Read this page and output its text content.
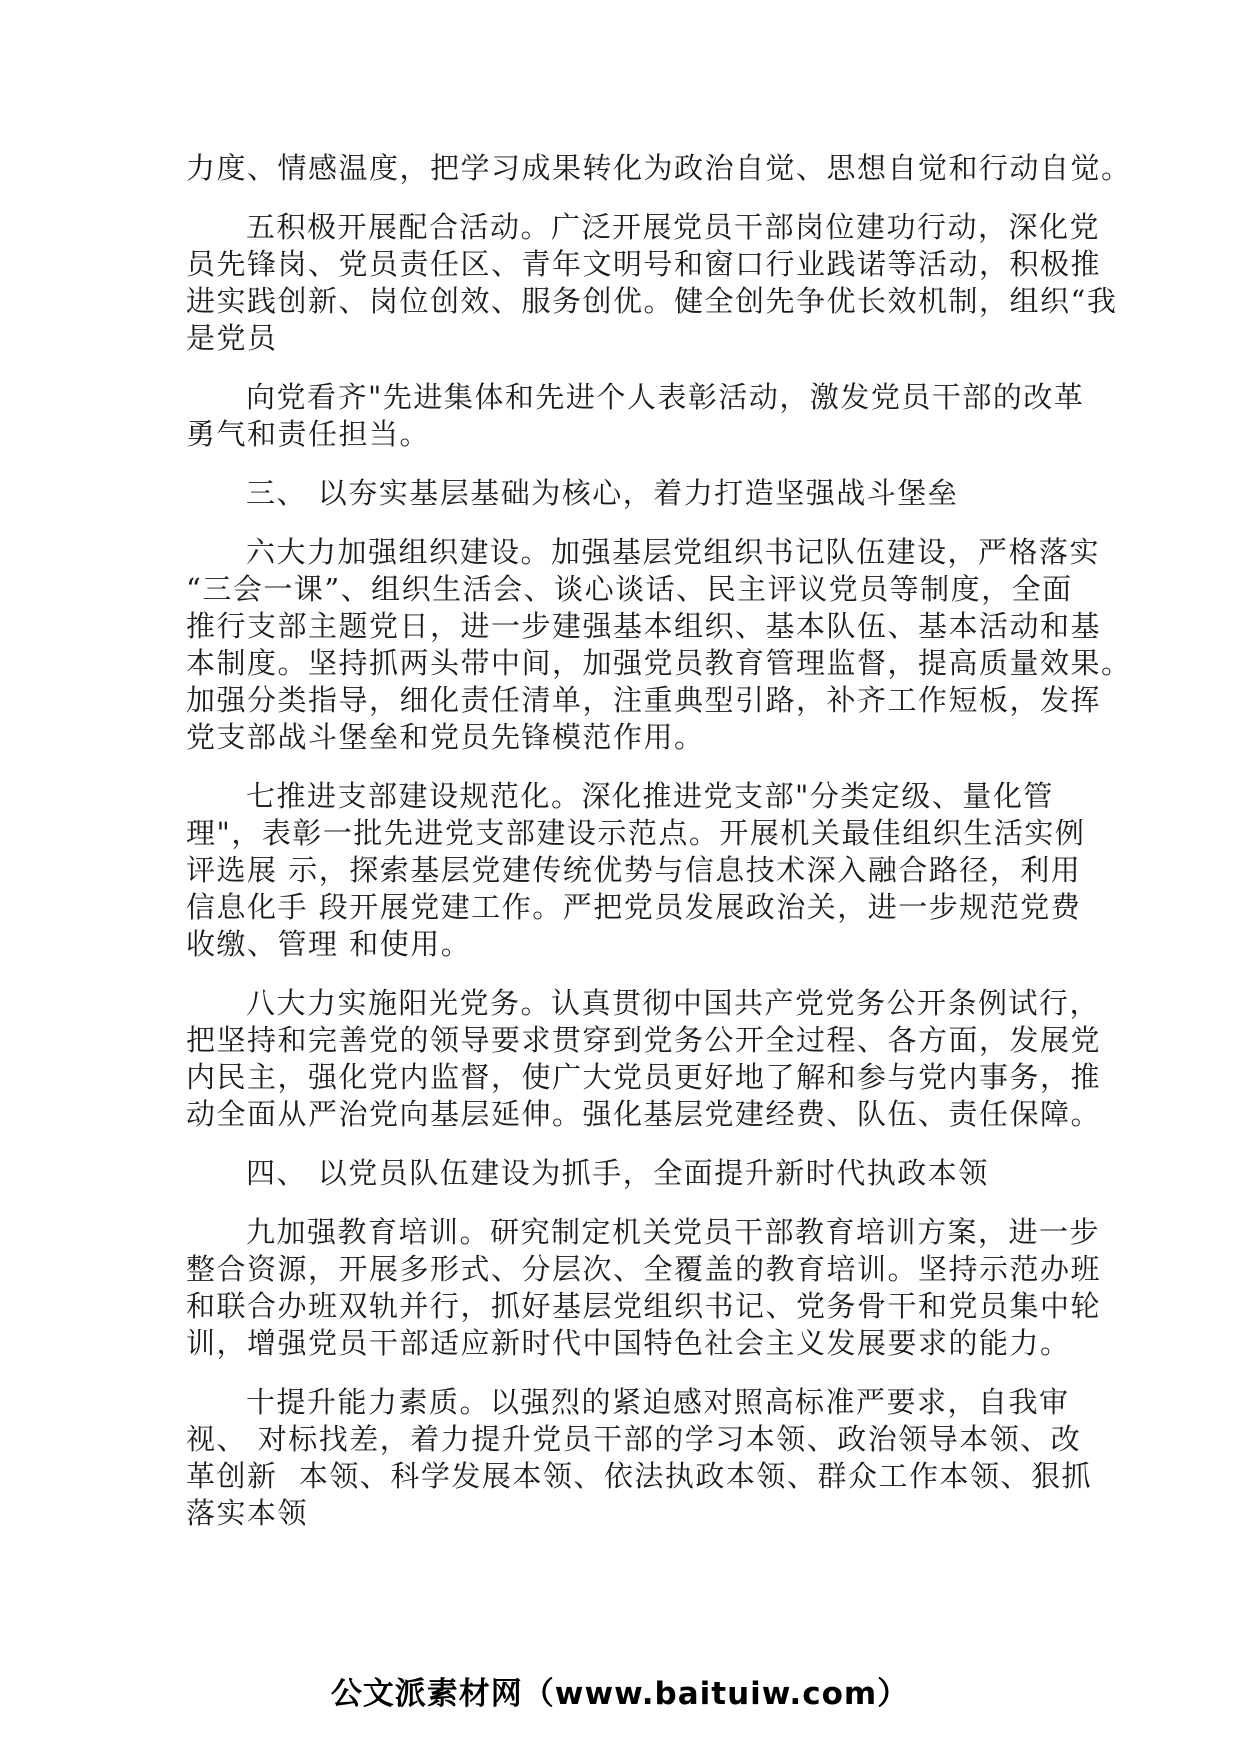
力度、情感温度，把学习成果转化为政治自觉、思想自觉和行动自觉。
五积极开展配合活动。广泛开展党员干部岗位建功行动，深化党
员先锋岗、党员责任区、青年文明号和窗口行业践诺等活动，积极推
进实践创新、岗位创效、服务创优。健全创先争优长效机制，组织“我
是党员
向党看齐"先进集体和先进个人表彰活动，激发党员干部的改革
勇气和责任担当。
三、 以夯实基层基础为核心，着力打造坚强战斗堡垒
六大力加强组织建设。加强基层党组织书记队伍建设，严格落实
“三会一课”、组织生活会、谈心谈话、民主评议党员等制度，全面
推行支部主题党日，进一步建强基本组织、基本队伍、基本活动和基
本制度。坚持抓两头带中间，加强党员教育管理监督，提高质量效果。
加强分类指导，细化责任清单，注重典型引路，补齐工作短板，发挥
党支部战斗堡垒和党员先锋模范作用。
七推进支部建设规范化。深化推进党支部"分类定级、量化管
理"，表彰一批先进党支部建设示范点。开展机关最佳组织生活实例
评选展 示，探索基层党建传统优势与信息技术深入融合路径，利用
信息化手 段开展党建工作。严把党员发展政治关，进一步规范党费
收缴、管理 和使用。
八大力实施阳光党务。认真贯彻中国共产党党务公开条例试行，
把坚持和完善党的领导要求贯穿到党务公开全过程、各方面，发展党
内民主，强化党内监督，使广大党员更好地了解和参与党内事务，推
动全面从严治党向基层延伸。强化基层党建经费、队伍、责任保障。
四、 以党员队伍建设为抓手，全面提升新时代执政本领
九加强教育培训。研究制定机关党员干部教育培训方案，进一步
整合资源，开展多形式、分层次、全覆盖的教育培训。坚持示范办班
和联合办班双轨并行，抓好基层党组织书记、党务骨干和党员集中轮
训，增强党员干部适应新时代中国特色社会主义发展要求的能力。
十提升能力素质。以强烈的紧迫感对照高标准严要求，自我审
视、 对标找差，着力提升党员干部的学习本领、政治领导本领、改
革创新  本领、科学发展本领、依法执政本领、群众工作本领、狠抓
落实本领
公文派素材网（www.baituiw.com）
